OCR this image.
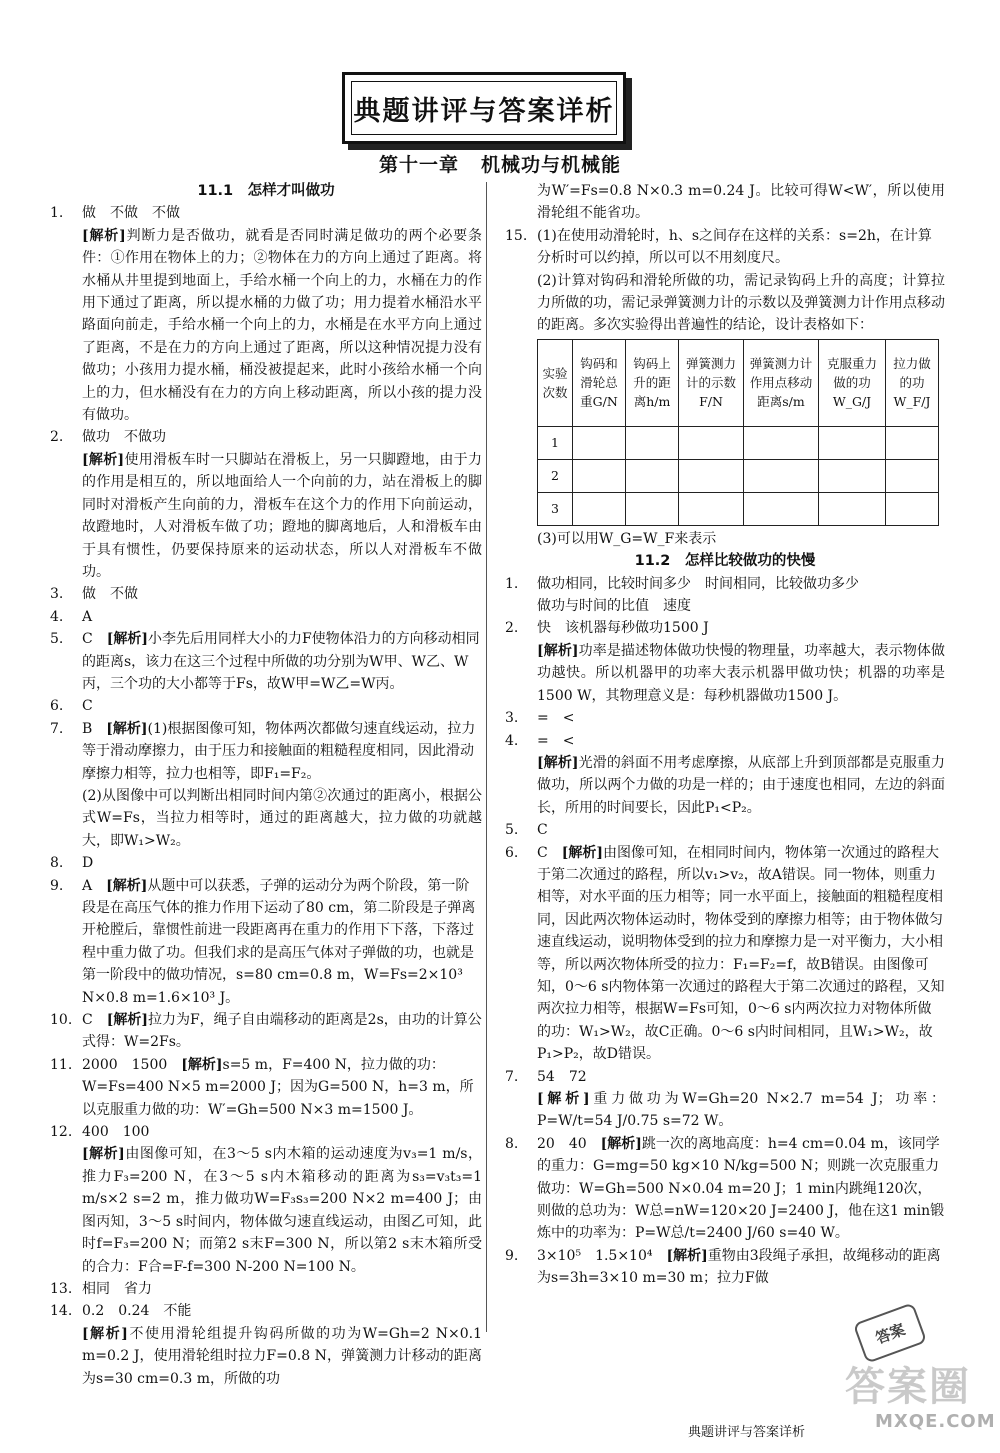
典题讲评与答案详析
第十一章 机械功与机械能
11.1　怎样才叫做功
1.	做　不做　不做
[解析]判断力是否做功，就看是否同时满足做功的两个必要条件：①作用在物体上的力；②物体在力的方向上通过了距离。将水桶从井里提到地面上，手给水桶一个向上的力，水桶在力的作用下通过了距离，所以提水桶的力做了功；用力提着水桶沿水平路面向前走，手给水桶一个向上的力，水桶是在水平方向上通过了距离，不是在力的方向上通过了距离，所以这种情况提力没有做功；小孩用力提水桶，桶没被提起来，此时小孩给水桶一个向上的力，但水桶没有在力的方向上移动距离，所以小孩的提力没有做功。
2.	做功　不做功
[解析]使用滑板车时一只脚站在滑板上，另一只脚蹬地，由于力的作用是相互的，所以地面给人一个向前的力，站在滑板上的脚同时对滑板产生向前的力，滑板车在这个力的作用下向前运动，故蹬地时，人对滑板车做了功；蹬地的脚离地后，人和滑板车由于具有惯性，仍要保持原来的运动状态，所以人对滑板车不做功。
3.	做　不做
4.	A
5.	C　 [解析]小李先后用同样大小的力F使物体沿力的方向移动相同的距离s，该力在这三个过程中所做的功分别为W甲、W乙、W丙，三个功的大小都等于Fs，故W甲=W乙=W丙。
6.	C
7.	B　 [解析](1)根据图像可知，物体两次都做匀速直线运动，拉力等于滑动摩擦力，由于压力和接触面的粗糙程度相同，因此滑动摩擦力相等，拉力也相等，即F₁=F₂。
(2)从图像中可以判断出相同时间内第②次通过的距离小，根据公式W=Fs，当拉力相等时，通过的距离越大，拉力做的功就越大，即W₁>W₂。
8.	D
9.	A　 [解析]从题中可以获悉，子弹的运动分为两个阶段，第一阶段是在高压气体的推力作用下运动了80 cm，第二阶段是子弹离开枪膛后，靠惯性前进一段距离再在重力的作用下下落，下落过程中重力做了功。但我们求的是高压气体对子弹做的功，也就是第一阶段中的做功情况，s=80 cm=0.8 m，W=Fs=2×10³ N×0.8 m=1.6×10³ J。
10. C　 [解析]拉力为F，绳子自由端移动的距离是2s，由功的计算公式得：W=2Fs。
11. 2000　1500　 [解析]s=5 m，F=400 N，拉力做的功：W=Fs=400 N×5 m=2000 J；因为G=500 N，h=3 m，所以克服重力做的功：W′=Gh=500 N×3 m=1500 J。
12. 400　100
[解析]由图像可知，在3～5 s内木箱的运动速度为v₃=1 m/s，推力F₃=200 N，在3～5 s内木箱移动的距离为s₃=v₃t₃=1 m/s×2 s=2 m，推力做功W=F₃s₃=200 N×2 m=400 J；由图丙知，3～5 s时间内，物体做匀速直线运动，由图乙可知，此时f=F₃=200 N；而第2 s末F=300 N，所以第2 s末木箱所受的合力：F合=F-f=300 N-200 N=100 N。
13. 相同　省力
14. 0.2　0.24　不能
[解析]不使用滑轮组提升钩码所做的功为W=Gh=2 N×0.1 m=0.2 J，使用滑轮组时拉力F=0.8 N，弹簧测力计移动的距离为s=30 cm=0.3 m，所做的功
为W′=Fs=0.8 N×0.3 m=0.24 J。比较可得W<W′，所以使用滑轮组不能省功。
15. (1)在使用动滑轮时，h、s之间存在这样的关系：s=2h，在计算分析时可以约掉，所以可以不用刻度尺。
(2)计算对钩码和滑轮所做的功，需记录钩码上升的高度；计算拉力所做的功，需记录弹簧测力计的示数以及弹簧测力计作用点移动的距离。多次实验得出普遍性的结论，设计表格如下：
实验次数	钩码和滑轮总重G/N	钩码上升的距离h/m	弹簧测力计的示数F/N	弹簧测力计作用点移动距离s/m	克服重力做的功W_G/J	拉力做的功W_F/J
1						
2						
3						
(3)可以用W_G=W_F来表示
11.2　怎样比较做功的快慢
1.	做功相同，比较时间多少　时间相同，比较做功多少
做功与时间的比值　速度
2.	快　该机器每秒做功1500 J
[解析]功率是描述物体做功快慢的物理量，功率越大，表示物体做功越快。所以机器甲的功率大表示机器甲做功快；机器的功率是1500 W，其物理意义是：每秒机器做功1500 J。
3.	=　<
4.	=　<
[解析]光滑的斜面不用考虑摩擦，从底部上升到顶部都是克服重力做功，所以两个力做的功是一样的；由于速度也相同，左边的斜面长，所用的时间要长，因此P₁<P₂。
5.	C
6.	C　 [解析]由图像可知，在相同时间内，物体第一次通过的路程大于第二次通过的路程，所以v₁>v₂，故A错误。同一物体，则重力相等，对水平面的压力相等；同一水平面上，接触面的粗糙程度相同，因此两次物体运动时，物体受到的摩擦力相等；由于物体做匀速直线运动，说明物体受到的拉力和摩擦力是一对平衡力，大小相等，所以两次物体所受的拉力：F₁=F₂=f，故B错误。由图像可知，0～6 s内物体第一次通过的路程大于第二次通过的路程，又知两次拉力相等，根据W=Fs可知，0～6 s内两次拉力对物体所做的功：W₁>W₂，故C正确。0～6 s内时间相同，且W₁>W₂，故P₁>P₂，故D错误。
7.	54　72
[解析]重力做功为W=Gh=20 N×2.7 m=54 J；功率：P=W/t=54 J/0.75 s=72 W。
8.	20　40　 [解析]跳一次的离地高度：h=4 cm=0.04 m，该同学的重力：G=mg=50 kg×10 N/kg=500 N；则跳一次克服重力做功：W=Gh=500 N×0.04 m=20 J；1 min内跳绳120次，则做的总功为：W总=nW=120×20 J=2400 J，他在这1 min锻炼中的功率为：P=W总/t=2400 J/60 s=40 W。
9.	3×10⁵　1.5×10⁴　 [解析]重物由3段绳子承担，故绳移动的距离为s=3h=3×10 m=30 m；拉力F做
答案
典题讲评与答案详析
答案圈
MXQE.COM
